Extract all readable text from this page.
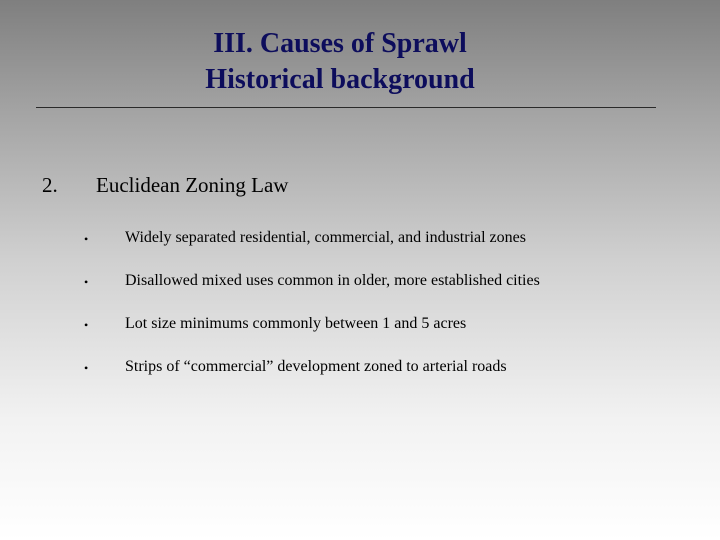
III. Causes of Sprawl
Historical background
2. Euclidean Zoning Law
• Widely separated residential, commercial, and industrial zones
• Disallowed mixed uses common in older, more established cities
• Lot size minimums commonly between 1 and 5 acres
• Strips of “commercial” development zoned to arterial roads
